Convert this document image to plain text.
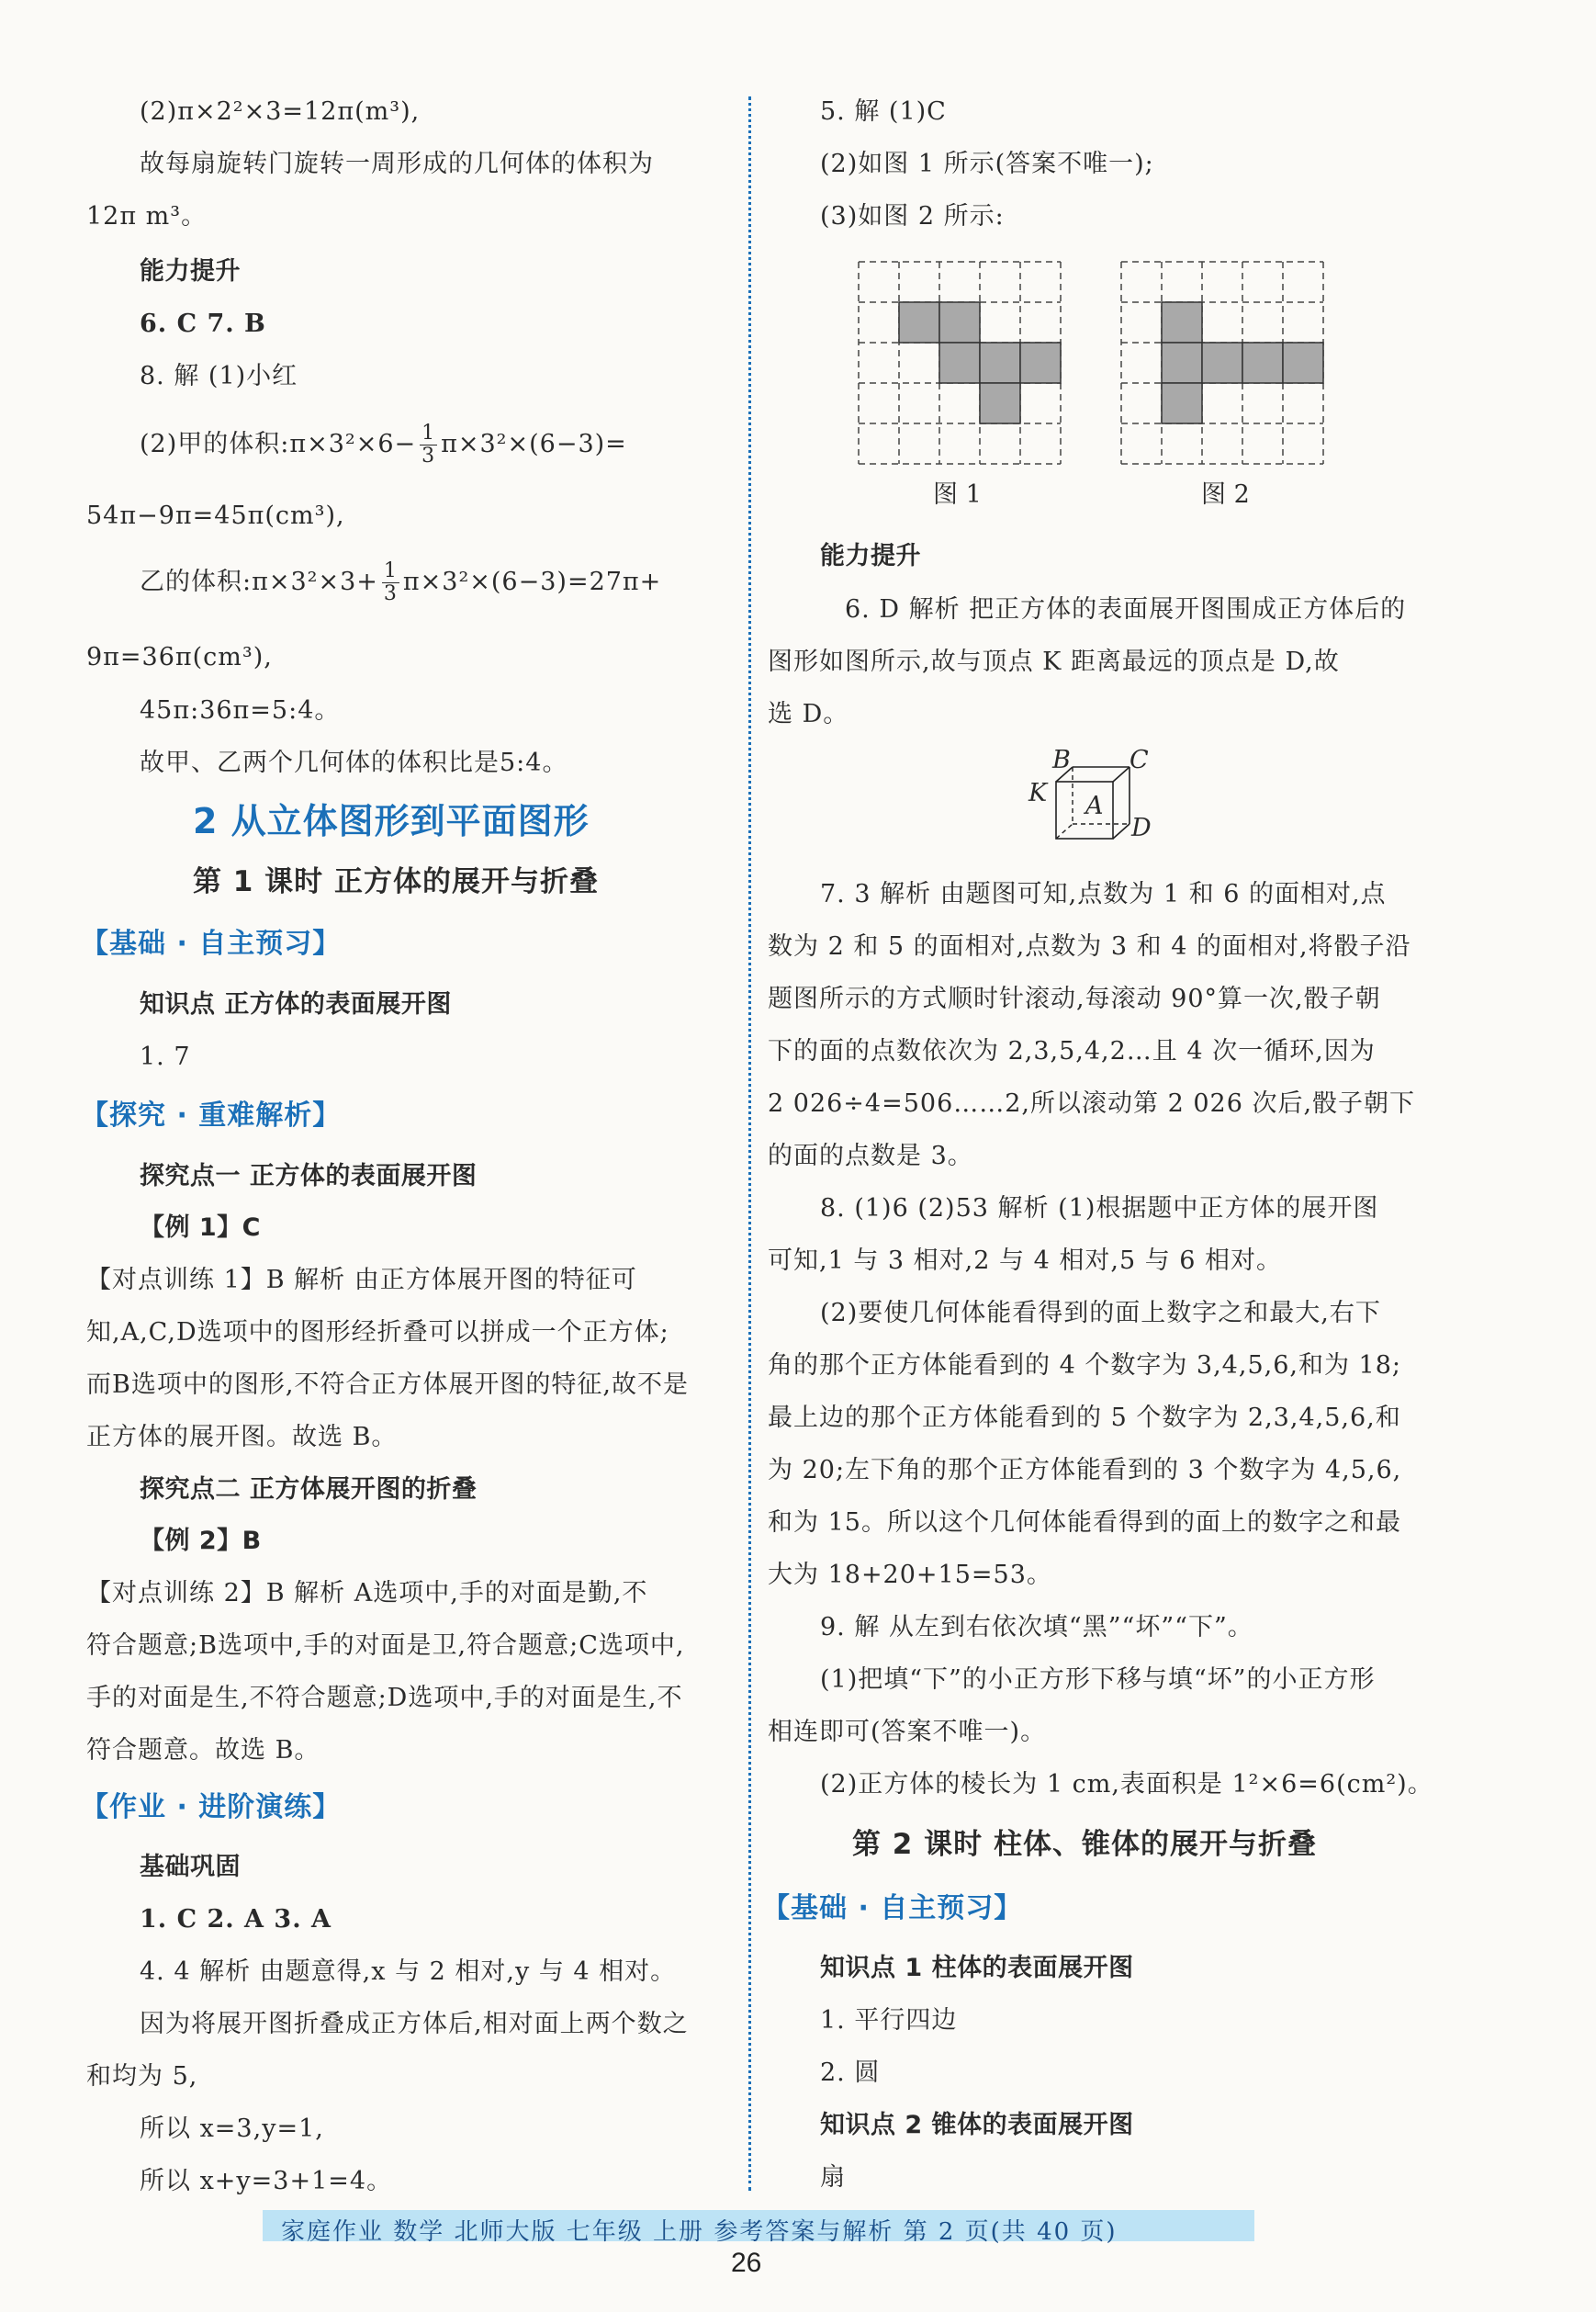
(2)π×2²×3=12π(m³),
故每扇旋转门旋转一周形成的几何体的体积为
12π m³。
能力提升
6. C 7. B
8. 解 (1)小红
(2)甲的体积:π×3²×6− $\frac{1}{3} \pi\times 3^2\times(6-3)=$
54π−9π=45π(cm³),
乙的体积:π×3²×3+ $\frac{1}{3} \pi\times 3^2\times(6-3)=27\pi+$
9π=36π(cm³),
45π:36π=5:4。
故甲、乙两个几何体的体积比是5:4。
2 从立体图形到平面图形
第 1 课时 正方体的展开与折叠
【基础 · 自主预习】
知识点 正方体的表面展开图
1. 7
【探究 · 重难解析】
探究点一 正方体的表面展开图
【例 1】C
【对点训练 1】B 解析 由正方体展开图的特征可
知,A,C,D选项中的图形经折叠可以拼成一个正方体;
而B选项中的图形,不符合正方体展开图的特征,故不是
正方体的展开图。故选 B。
探究点二 正方体展开图的折叠
【例 2】B
【对点训练 2】B 解析 A选项中,手的对面是勤,不
符合题意;B选项中,手的对面是卫,符合题意;C选项中,
手的对面是生,不符合题意;D选项中,手的对面是生,不
符合题意。故选 B。
【作业 · 进阶演练】
基础巩固
1. C 2. A 3. A
4. 4 解析 由题意得,x 与 2 相对,y 与 4 相对。
因为将展开图折叠成正方体后,相对面上两个数之
和均为 5,
所以 x=3,y=1,
所以 x+y=3+1=4。
5. 解 (1)C
(2)如图 1 所示(答案不唯一);
(3)如图 2 所示:
图 1	图 2
能力提升
6. D 解析 把正方体的表面展开图围成正方体后的
图形如图所示,故与顶点 K 距离最远的顶点是 D,故
选 D。
B C
K A
D
7. 3 解析 由题图可知,点数为 1 和 6 的面相对,点
数为 2 和 5 的面相对,点数为 3 和 4 的面相对,将骰子沿
题图所示的方式顺时针滚动,每滚动 90°算一次,骰子朝
下的面的点数依次为 2,3,5,4,2…且 4 次一循环,因为
2 026÷4=506……2,所以滚动第 2 026 次后,骰子朝下
的面的点数是 3。
8. (1)6 (2)53 解析 (1)根据题中正方体的展开图
可知,1 与 3 相对,2 与 4 相对,5 与 6 相对。
(2)要使几何体能看得到的面上数字之和最大,右下
角的那个正方体能看到的 4 个数字为 3,4,5,6,和为 18;
最上边的那个正方体能看到的 5 个数字为 2,3,4,5,6,和
为 20;左下角的那个正方体能看到的 3 个数字为 4,5,6,
和为 15。所以这个几何体能看得到的面上的数字之和最
大为 18+20+15=53。
9. 解 从左到右依次填“黑”“坏”“下”。
(1)把填“下”的小正方形下移与填“坏”的小正方形
相连即可(答案不唯一)。
(2)正方体的棱长为 1 cm,表面积是 1²×6=6(cm²)。
第 2 课时 柱体、锥体的展开与折叠
【基础 · 自主预习】
知识点 1 柱体的表面展开图
1. 平行四边
2. 圆
知识点 2 锥体的表面展开图
扇
家庭作业 数学 北师大版 七年级 上册 参考答案与解析 第 2 页(共 40 页)
26
